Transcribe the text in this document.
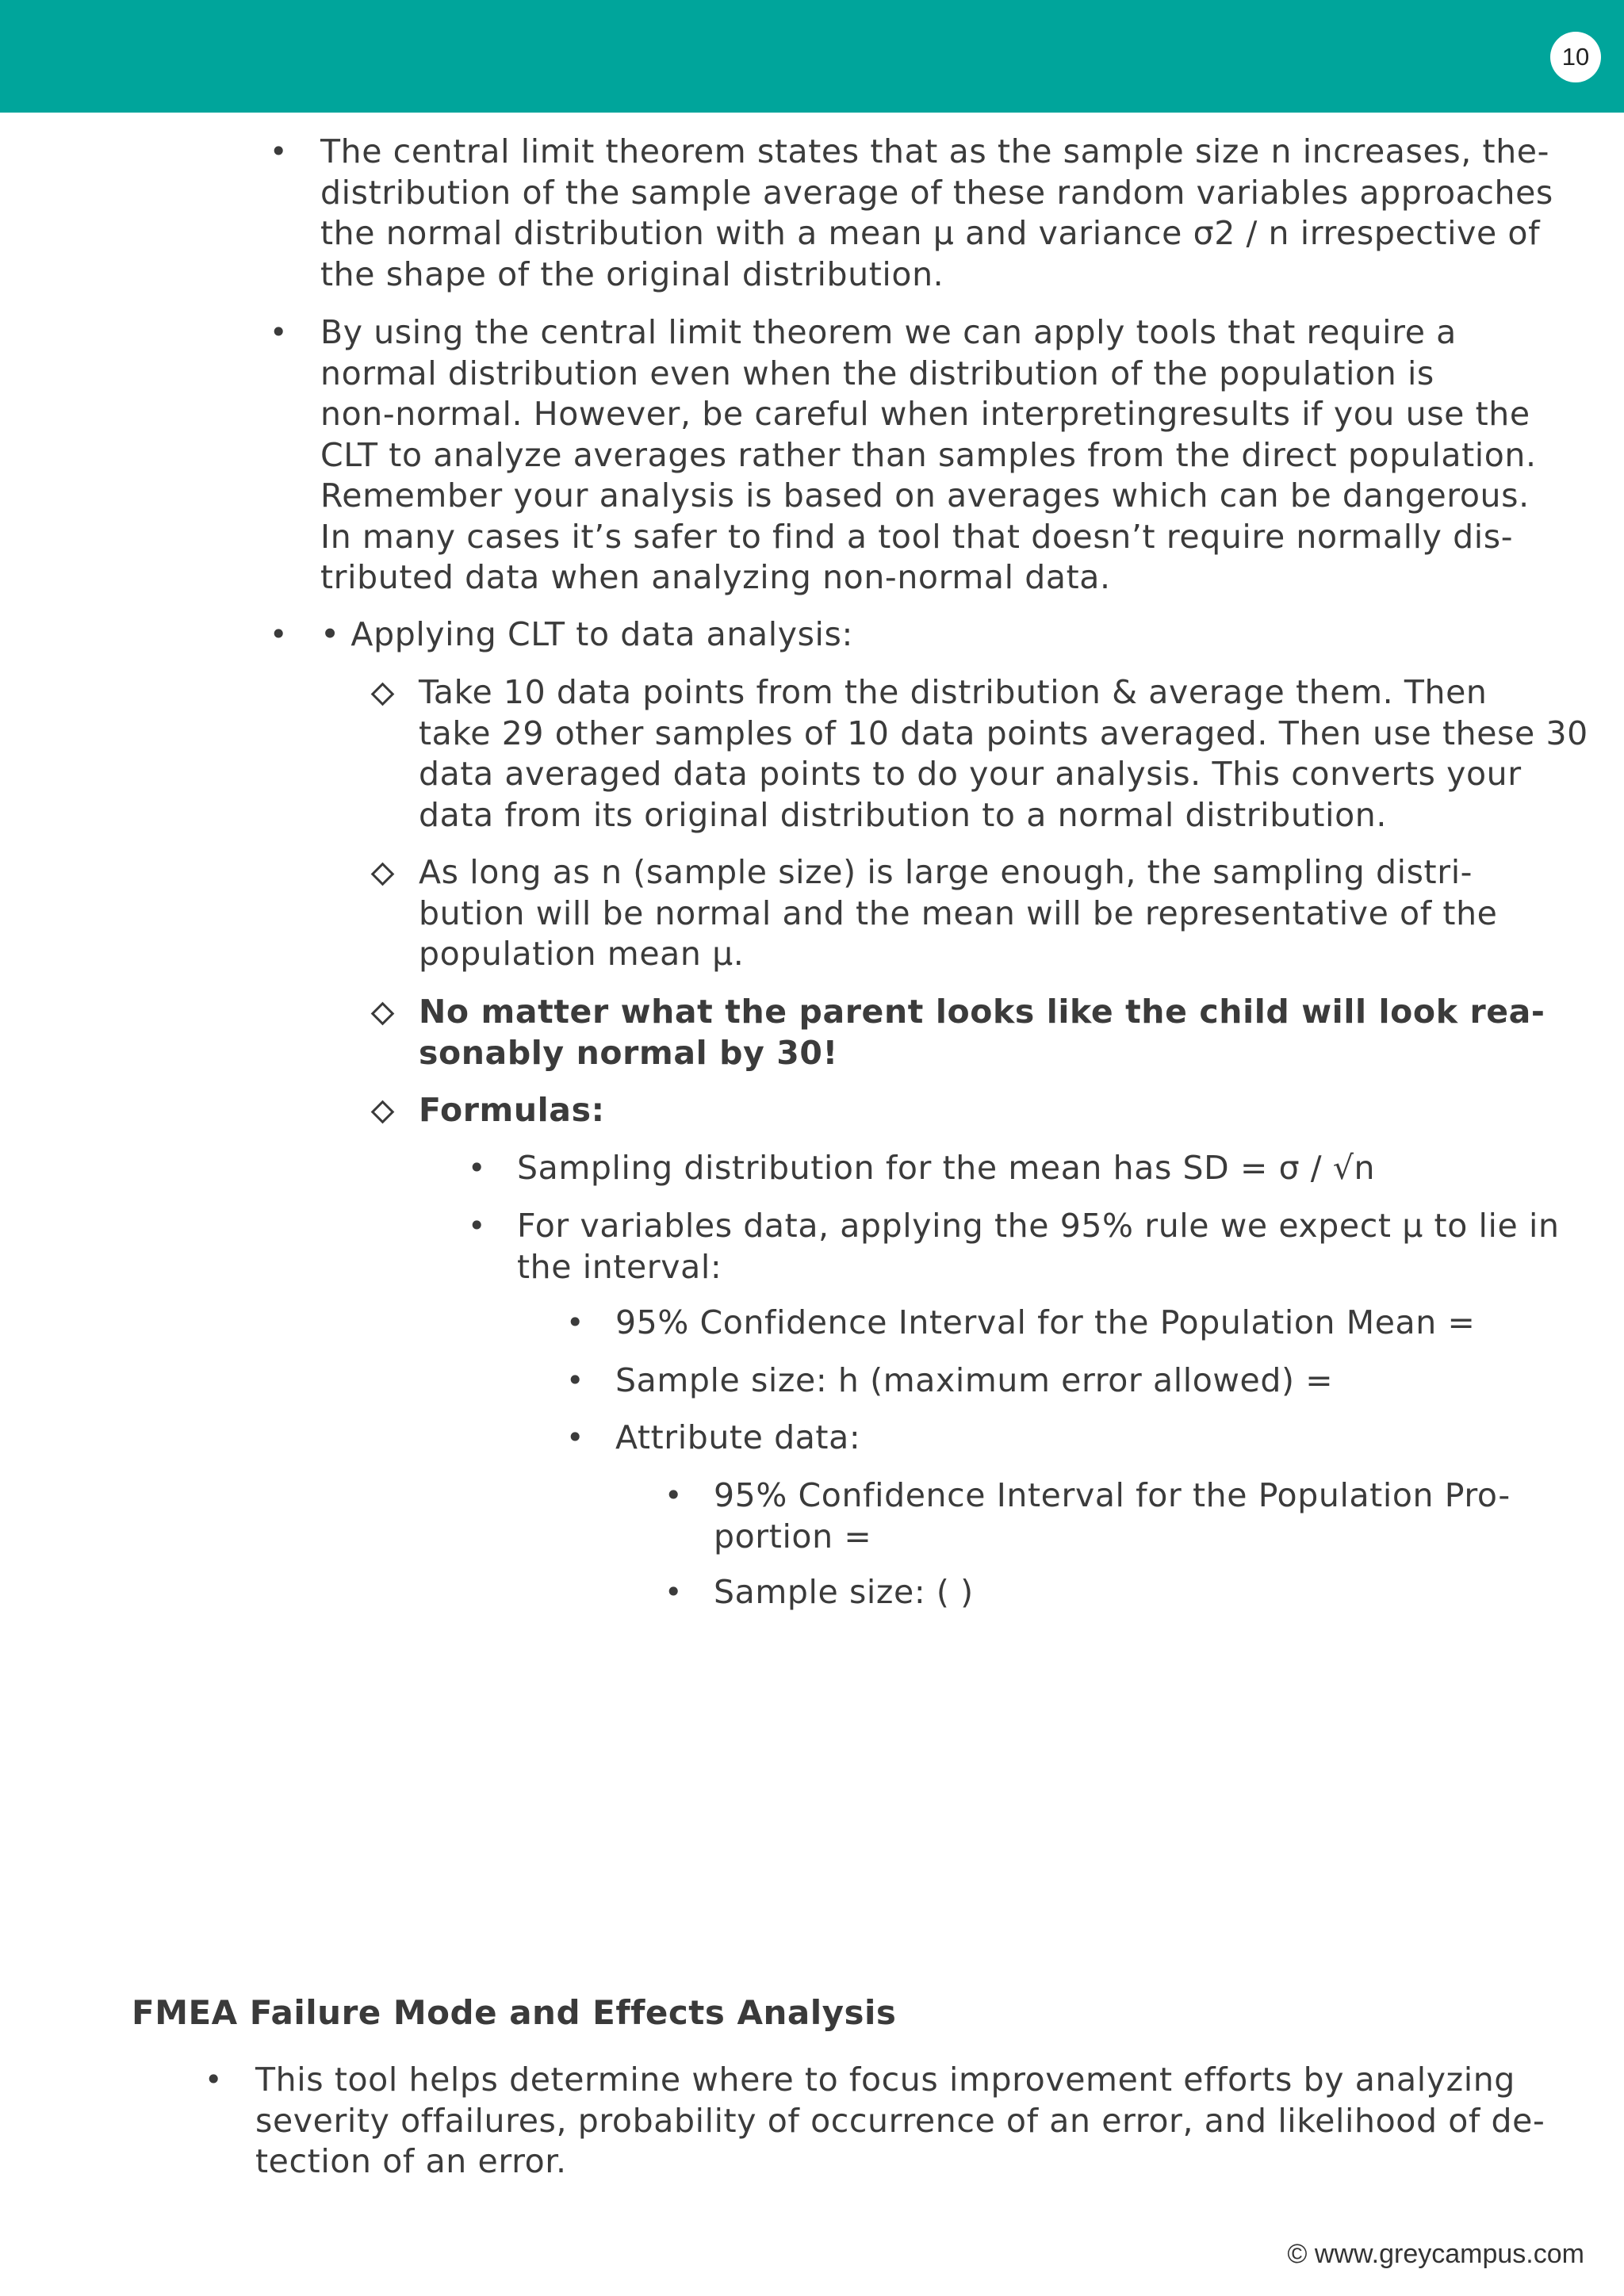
10
• The central limit theorem states that as the sample size n increases, the-
distribution of the sample average of these random variables approaches
the normal distribution with a mean µ and variance σ2 / n irrespective of
the shape of the original distribution.
• By using the central limit theorem we can apply tools that require a
normal distribution even when the distribution of the population is
non-normal. However, be careful when interpretingresults if you use the
CLT to analyze averages rather than samples from the direct population.
Remember your analysis is based on averages which can be dangerous.
In many cases it’s safer to find a tool that doesn’t require normally dis-
tributed data when analyzing non-normal data.
• • Applying CLT to data analysis:
Take 10 data points from the distribution & average them. Then
take 29 other samples of 10 data points averaged. Then use these 30
data averaged data points to do your analysis. This converts your
data from its original distribution to a normal distribution.
As long as n (sample size) is large enough, the sampling distri-
bution will be normal and the mean will be representative of the
population mean µ.
No matter what the parent looks like the child will look rea-
sonably normal by 30!
Formulas:
• Sampling distribution for the mean has SD = σ / √n
• For variables data, applying the 95% rule we expect µ to lie in
the interval:
• 95% Confidence Interval for the Population Mean =
• Sample size: h (maximum error allowed) =
• Attribute data:
• 95% Confidence Interval for the Population Pro-
portion =
• Sample size: ( )
FMEA Failure Mode and Effects Analysis
• This tool helps determine where to focus improvement efforts by analyzing
severity offailures, probability of occurrence of an error, and likelihood of de-
tection of an error.
© www.greycampus.com
